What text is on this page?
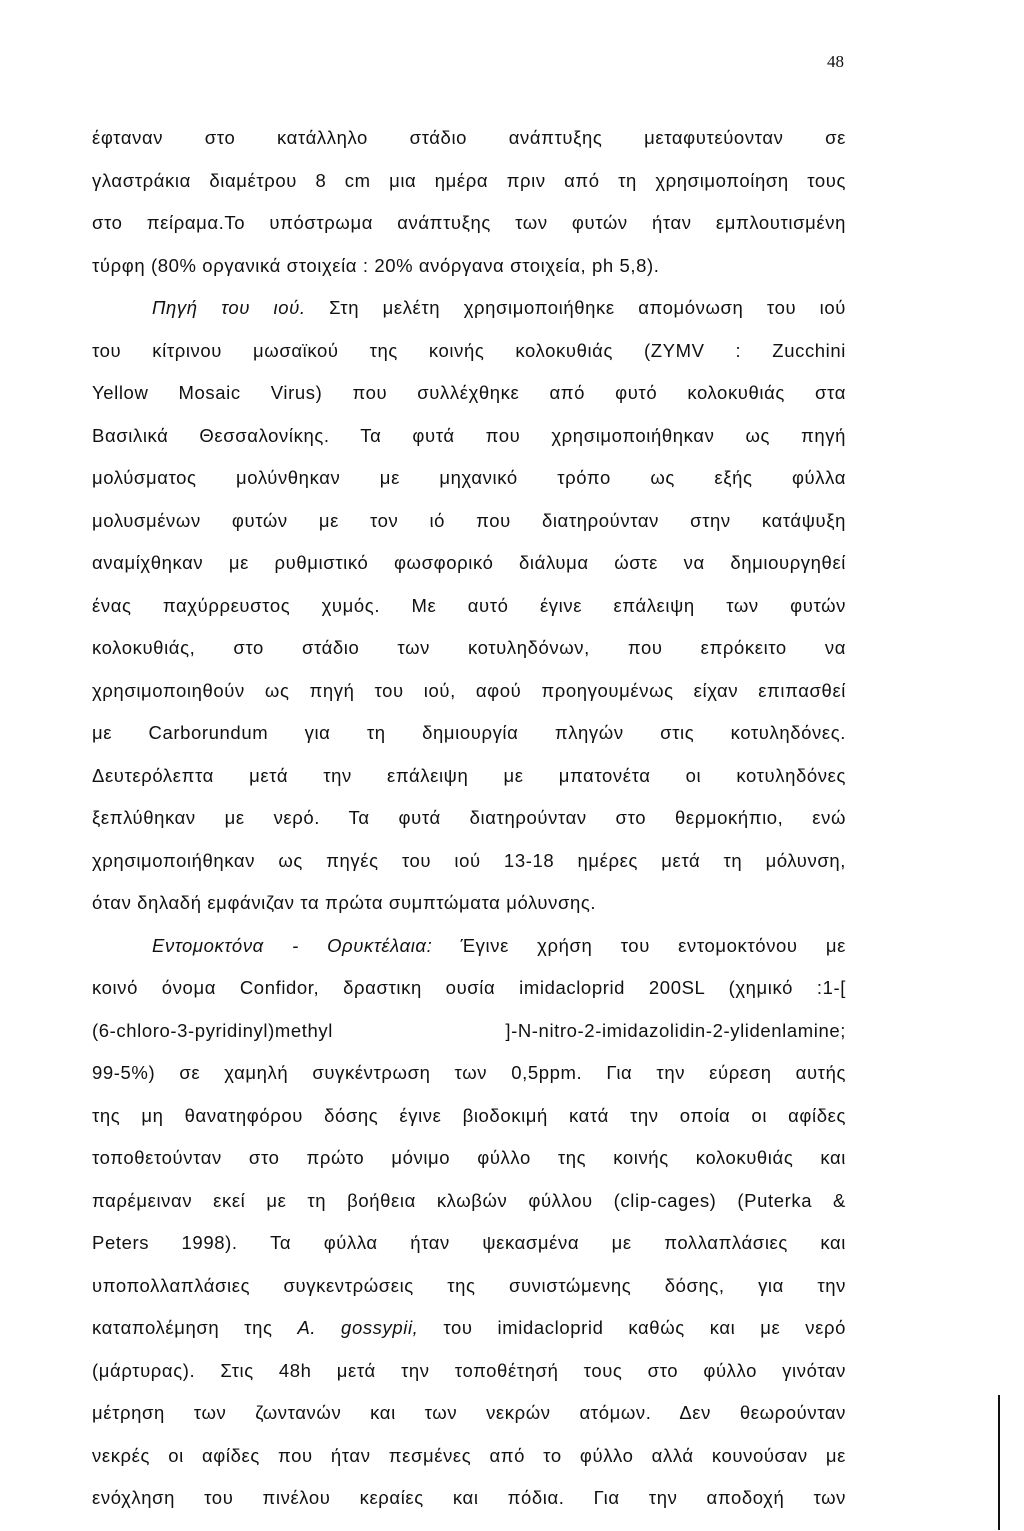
48
έφταναν στο κατάλληλο στάδιο ανάπτυξης μεταφυτεύονταν σε
γλαστράκια διαμέτρου 8 cm μια ημέρα πριν από τη χρησιμοποίηση τους
στο πείραμα.Το υπόστρωμα ανάπτυξης των φυτών ήταν εμπλουτισμένη
τύρφη (80% οργανικά στοιχεία : 20% ανόργανα στοιχεία, ph 5,8).
Πηγή του ιού. Στη μελέτη χρησιμοποιήθηκε απομόνωση του ιού
του κίτρινου μωσαϊκού της κοινής κολοκυθιάς (ZYMV : Zucchini
Yellow Mosaic Virus) που συλλέχθηκε από φυτό κολοκυθιάς στα
Βασιλικά Θεσσαλονίκης. Τα φυτά που χρησιμοποιήθηκαν ως πηγή
μολύσματος μολύνθηκαν με μηχανικό τρόπο ως εξής φύλλα
μολυσμένων φυτών με τον ιό που διατηρούνταν στην κατάψυξη
αναμίχθηκαν με ρυθμιστικό φωσφορικό διάλυμα ώστε να δημιουργηθεί
ένας παχύρρευστος χυμός. Με αυτό έγινε επάλειψη των φυτών
κολοκυθιάς, στο στάδιο των κοτυληδόνων, που επρόκειτο να
χρησιμοποιηθούν ως πηγή του ιού, αφού προηγουμένως είχαν επιπασθεί
με Carborundum για τη δημιουργία πληγών στις κοτυληδόνες.
Δευτερόλεπτα μετά την επάλειψη με μπατονέτα οι κοτυληδόνες
ξεπλύθηκαν με νερό. Τα φυτά διατηρούνταν στο θερμοκήπιο, ενώ
χρησιμοποιήθηκαν ως πηγές του ιού 13-18 ημέρες μετά τη μόλυνση,
όταν δηλαδή εμφάνιζαν τα πρώτα συμπτώματα μόλυνσης.
Εντομοκτόνα - Ορυκτέλαια: Έγινε χρήση του εντομοκτόνου με
κοινό όνομα Confidor, δραστικη ουσία imidacloprid 200SL (χημικό :1-[
(6-chloro-3-pyridinyl)methyl ]-N-nitro-2-imidazolidin-2-ylidenlamine;
99-5%) σε χαμηλή συγκέντρωση των 0,5ppm. Για την εύρεση αυτής
της μη θανατηφόρου δόσης έγινε βιοδοκιμή κατά την οποία οι αφίδες
τοποθετούνταν στο πρώτο μόνιμο φύλλο της κοινής κολοκυθιάς και
παρέμειναν εκεί με τη βοήθεια κλωβών φύλλου (clip-cages) (Puterka &
Peters 1998). Τα φύλλα ήταν ψεκασμένα με πολλαπλάσιες και
υποπολλαπλάσιες συγκεντρώσεις της συνιστώμενης δόσης, για την
καταπολέμηση της A. gossypii, του imidacloprid καθώς και με νερό
(μάρτυρας). Στις 48h μετά την τοποθέτησή τους στο φύλλο γινόταν
μέτρηση των ζωντανών και των νεκρών ατόμων. Δεν θεωρούνταν
νεκρές οι αφίδες που ήταν πεσμένες από το φύλλο αλλά κουνούσαν με
ενόχληση του πινέλου κεραίες και πόδια. Για την αποδοχή των
